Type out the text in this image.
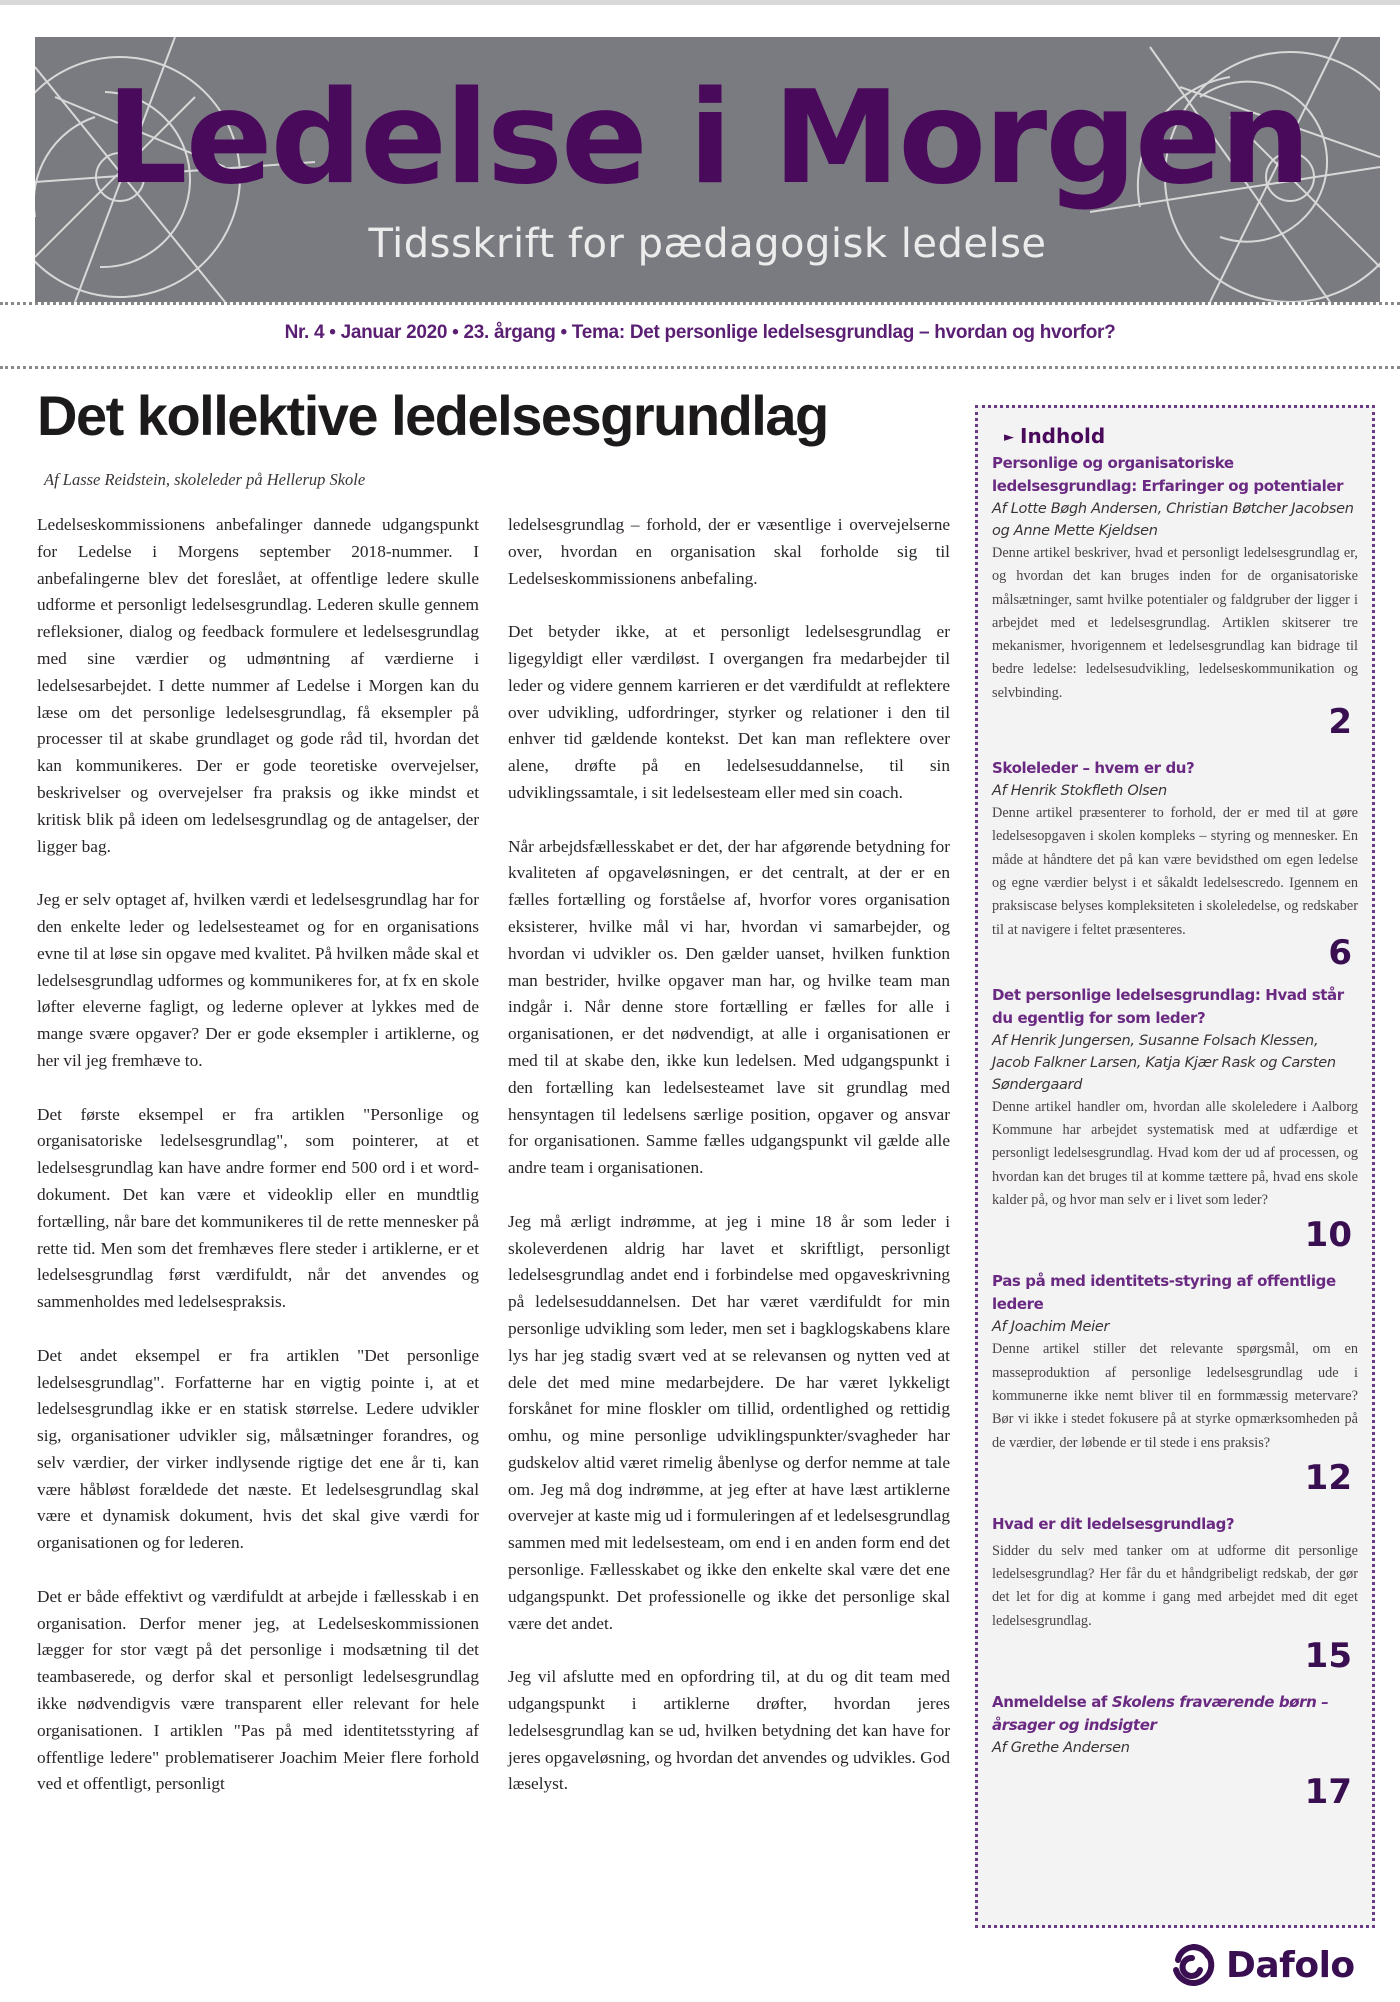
Ledelse i Morgen
Tidsskrift for pædagogisk ledelse
Nr. 4 • Januar 2020 • 23. årgang • Tema: Det personlige ledelsesgrundlag – hvordan og hvorfor?
Det kollektive ledelsesgrundlag
Af Lasse Reidstein, skoleleder på Hellerup Skole

Ledelseskommissionens anbefalinger dannede udgangspunkt for Ledelse i Morgens september 2018-nummer. I anbefalingerne blev det foreslået, at offentlige ledere skulle udforme et personligt ledelsesgrundlag. Lederen skulle gennem refleksioner, dialog og feedback formulere et ledelsesgrundlag med sine værdier og udmøntning af værdierne i ledelsesarbejdet. I dette nummer af Ledelse i Morgen kan du læse om det personlige ledelsesgrundlag, få eksempler på processer til at skabe grundlaget og gode råd til, hvordan det kan kommunikeres. Der er gode teoretiske overvejelser, beskrivelser og overvejelser fra praksis og ikke mindst et kritisk blik på ideen om ledelsesgrundlag og de antagelser, der ligger bag.

Jeg er selv optaget af, hvilken værdi et ledelsesgrundlag har for den enkelte leder og ledelsesteamet og for en organisations evne til at løse sin opgave med kvalitet. På hvilken måde skal et ledelsesgrundlag udformes og kommunikeres for, at fx en skole løfter eleverne fagligt, og lederne oplever at lykkes med de mange svære opgaver? Der er gode eksempler i artiklerne, og her vil jeg fremhæve to.

Det første eksempel er fra artiklen "Personlige og organisatoriske ledelsesgrundlag", som pointerer, at et ledelsesgrundlag kan have andre former end 500 ord i et word-dokument. Det kan være et videoklip eller en mundtlig fortælling, når bare det kommunikeres til de rette mennesker på rette tid. Men som det fremhæves flere steder i artiklerne, er et ledelsesgrundlag først værdifuldt, når det anvendes og sammenholdes med ledelsespraksis.

Det andet eksempel er fra artiklen "Det personlige ledelsesgrundlag". Forfatterne har en vigtig pointe i, at et ledelsesgrundlag ikke er en statisk størrelse. Ledere udvikler sig, organisationer udvikler sig, målsætninger forandres, og selv værdier, der virker indlysende rigtige det ene år ti, kan være håbløst forældede det næste. Et ledelsesgrundlag skal være et dynamisk dokument, hvis det skal give værdi for organisationen og for lederen.

Det er både effektivt og værdifuldt at arbejde i fællesskab i en organisation. Derfor mener jeg, at Ledelseskommissionen lægger for stor vægt på det personlige i modsætning til det teambaserede, og derfor skal et personligt ledelsesgrundlag ikke nødvendigvis være transparent eller relevant for hele organisationen. I artiklen "Pas på med identitetsstyring af offentlige ledere" problematiserer Joachim Meier flere forhold ved et offentligt, personligt

ledelsesgrundlag – forhold, der er væsentlige i overvejelserne over, hvordan en organisation skal forholde sig til Ledelseskommissionens anbefaling.

Det betyder ikke, at et personligt ledelsesgrundlag er ligegyldigt eller værdiløst. I overgangen fra medarbejder til leder og videre gennem karrieren er det værdifuldt at reflektere over udvikling, udfordringer, styrker og relationer i den til enhver tid gældende kontekst. Det kan man reflektere over alene, drøfte på en ledelsesuddannelse, til sin udviklingssamtale, i sit ledelsesteam eller med sin coach.

Når arbejdsfællesskabet er det, der har afgørende betydning for kvaliteten af opgaveløsningen, er det centralt, at der er en fælles fortælling og forståelse af, hvorfor vores organisation eksisterer, hvilke mål vi har, hvordan vi samarbejder, og hvordan vi udvikler os. Den gælder uanset, hvilken funktion man bestrider, hvilke opgaver man har, og hvilke team man indgår i. Når denne store fortælling er fælles for alle i organisationen, er det nødvendigt, at alle i organisationen er med til at skabe den, ikke kun ledelsen. Med udgangspunkt i den fortælling kan ledelsesteamet lave sit grundlag med hensyntagen til ledelsens særlige position, opgaver og ansvar for organisationen. Samme fælles udgangspunkt vil gælde alle andre team i organisationen.

Jeg må ærligt indrømme, at jeg i mine 18 år som leder i skoleverdenen aldrig har lavet et skriftligt, personligt ledelsesgrundlag andet end i forbindelse med opgaveskrivning på ledelsesuddannelsen. Det har været værdifuldt for min personlige udvikling som leder, men set i bagklogskabens klare lys har jeg stadig svært ved at se relevansen og nytten ved at dele det med mine medarbejdere. De har været lykkeligt forskånet for mine floskler om tillid, ordentlighed og rettidig omhu, og mine personlige udviklingspunkter/svagheder har gudskelov altid været rimelig åbenlyse og derfor nemme at tale om. Jeg må dog indrømme, at jeg efter at have læst artiklerne overvejer at kaste mig ud i formuleringen af et ledelsesgrundlag sammen med mit ledelsesteam, om end i en anden form end det personlige. Fællesskabet og ikke den enkelte skal være det ene udgangspunkt. Det professionelle og ikke det personlige skal være det andet.

Jeg vil afslutte med en opfordring til, at du og dit team med udgangspunkt i artiklerne drøfter, hvordan jeres ledelsesgrundlag kan se ud, hvilken betydning det kan have for jeres opgaveløsning, og hvordan det anvendes og udvikles. God læselyst.

► Indhold
Personlige og organisatoriske ledelsesgrundlag: Erfaringer og potentialer
Af Lotte Bøgh Andersen, Christian Bøtcher Jacobsen og Anne Mette Kjeldsen
Denne artikel beskriver, hvad et personligt ledelsesgrundlag er, og hvordan det kan bruges inden for de organisatoriske målsætninger, samt hvilke potentialer og faldgruber der ligger i arbejdet med et ledelsesgrundlag. Artiklen skitserer tre mekanismer, hvorigennem et ledelsesgrundlag kan bidrage til bedre ledelse: ledelsesudvikling, ledelseskommunikation og selvbinding.
2
Skoleleder – hvem er du?
Af Henrik Stokfleth Olsen
Denne artikel præsenterer to forhold, der er med til at gøre ledelsesopgaven i skolen kompleks – styring og mennesker. En måde at håndtere det på kan være bevidsthed om egen ledelse og egne værdier belyst i et såkaldt ledelsescredo. Igennem en praksiscase belyses kompleksiteten i skoleledelse, og redskaber til at navigere i feltet præsenteres.
6
Det personlige ledelsesgrundlag: Hvad står du egentlig for som leder?
Af Henrik Jungersen, Susanne Folsach Klessen, Jacob Falkner Larsen, Katja Kjær Rask og Carsten Søndergaard
Denne artikel handler om, hvordan alle skoleledere i Aalborg Kommune har arbejdet systematisk med at udfærdige et personligt ledelsesgrundlag. Hvad kom der ud af processen, og hvordan kan det bruges til at komme tættere på, hvad ens skole kalder på, og hvor man selv er i livet som leder?
10
Pas på med identitets-styring af offentlige ledere
Af Joachim Meier
Denne artikel stiller det relevante spørgsmål, om en masseproduktion af personlige ledelsesgrundlag ude i kommunerne ikke nemt bliver til en formmæssig metervare? Bør vi ikke i stedet fokusere på at styrke opmærksomheden på de værdier, der løbende er til stede i ens praksis?
12
Hvad er dit ledelsesgrundlag?
Sidder du selv med tanker om at udforme dit personlige ledelsesgrundlag? Her får du et håndgribeligt redskab, der gør det let for dig at komme i gang med arbejdet med dit eget ledelsesgrundlag.
15
Anmeldelse af Skolens fraværende børn – årsager og indsigter
Af Grethe Andersen
17
Dafolo
